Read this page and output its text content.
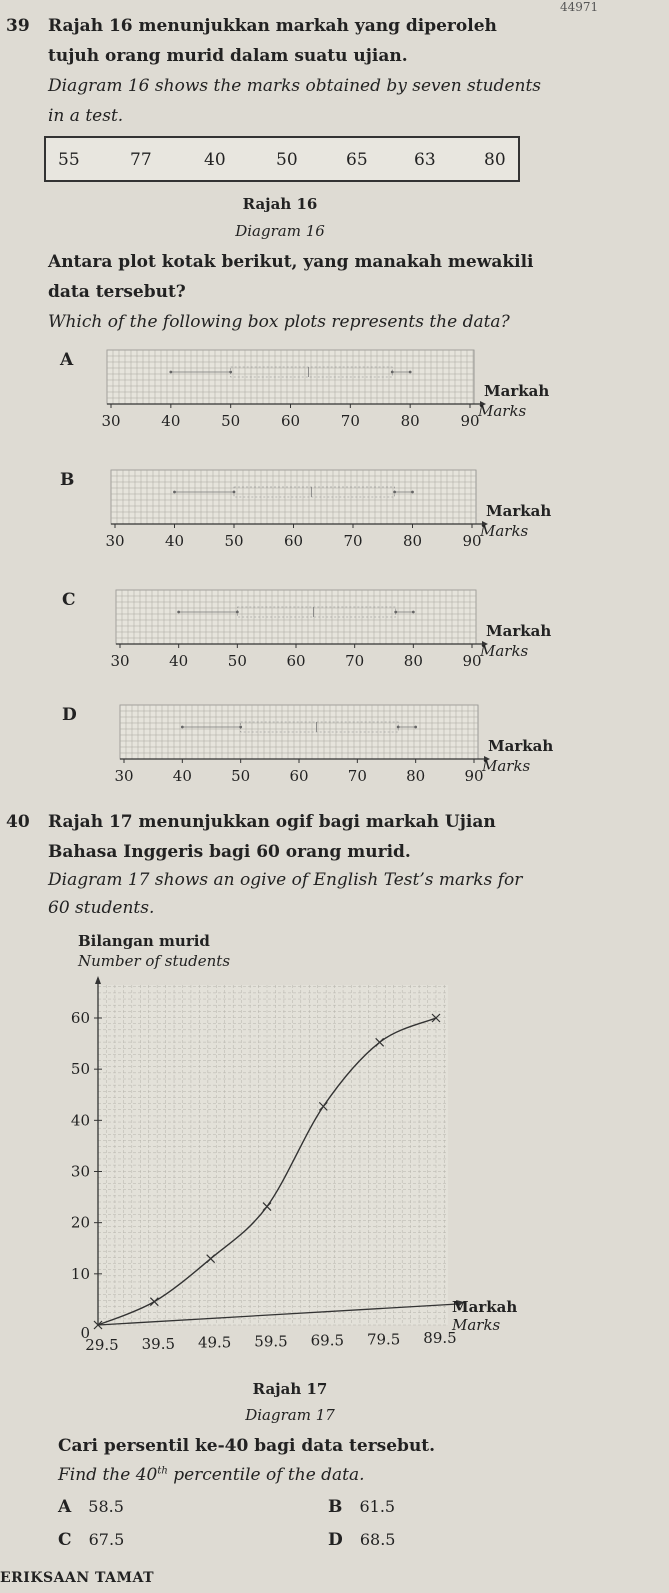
44971
39 Rajah 16 menunjukkan markah yang diperoleh
tujuh orang murid dalam suatu ujian.
Diagram 16 shows the marks obtained by seven students
in a test.
55	77	40	50	65	63	80
Rajah 16
Diagram 16
Antara plot kotak berikut, yang manakah mewakili
data tersebut?
Which of the following box plots represents the data?
A
30	40	50	60	70	80	90
Markah
Marks
B
30	40	50	60	70	80	90
Markah
Marks
C
30	40	50	60	70	80	90
Markah
Marks
D
30	40	50	60	70	80	90
Markah
Marks
40 Rajah 17 menunjukkan ogif bagi markah Ujian
Bahasa Inggeris bagi 60 orang murid.
Diagram 17 shows an ogive of English Test’s marks for
60 students.
Bilangan murid
Number of students
0
10
20
30
40
50
60
29.5 39.5 49.5 59.5 69.5 79.5 89.5
Markah
Marks
Rajah 17
Diagram 17
Cari persentil ke-40 bagi data tersebut.
Find the 40th percentile of the data.
A 58.5	B 61.5
C 67.5	D 68.5
ERIKSAAN TAMAT
